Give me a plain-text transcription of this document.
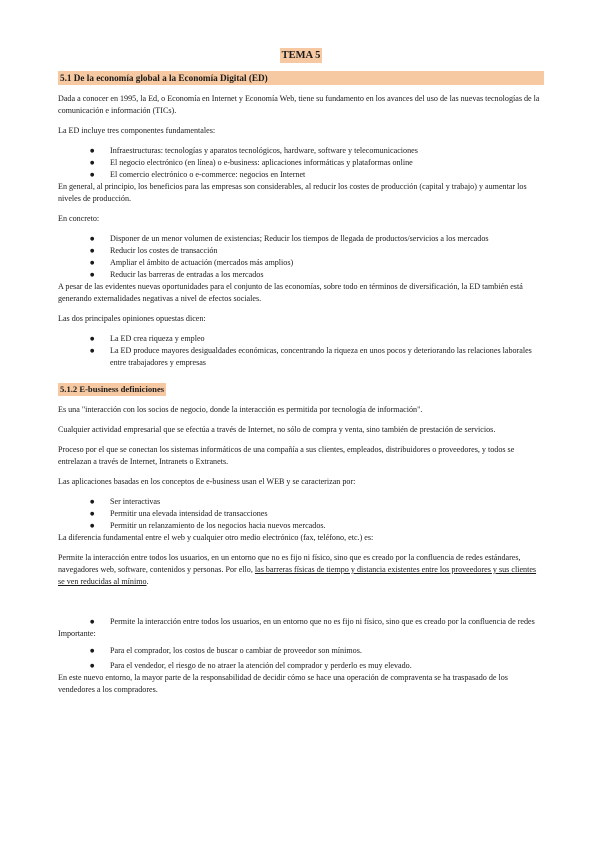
TEMA 5
5.1 De la economía global a la Economía Digital (ED)

Dada a conocer en 1995, la Ed, o Economía en Internet y Economía Web, tiene su fundamento en los avances del uso de las nuevas tecnologías de la comunicación e información (TICs).

La ED incluye tres componentes fundamentales:

● Infraestructuras: tecnologías y aparatos tecnológicos, hardware, software y telecomunicaciones
● El negocio electrónico (en línea) o e-business: aplicaciones informáticas y plataformas online
● El comercio electrónico o e-commerce: negocios en Internet

En general, al principio, los beneficios para las empresas son considerables, al reducir los costes de producción (capital y trabajo) y aumentar los niveles de producción.

En concreto:

● Disponer de un menor volumen de existencias; Reducir los tiempos de llegada de productos/servicios a los mercados
● Reducir los costes de transacción
● Ampliar el ámbito de actuación (mercados más amplios)
● Reducir las barreras de entradas a los mercados

A pesar de las evidentes nuevas oportunidades para el conjunto de las economías, sobre todo en términos de diversificación, la ED también está generando externalidades negativas a nivel de efectos sociales.

Las dos principales opiniones opuestas dicen:

● La ED crea riqueza y empleo
● La ED produce mayores desigualdades económicas, concentrando la riqueza en unos pocos y deteriorando las relaciones laborales entre trabajadores y empresas
5.1.2 E-business definiciones

Es una "interacción con los socios de negocio, donde la interacción es permitida por tecnología de información".

Cualquier actividad empresarial que se efectúa a través de Internet, no sólo de compra y venta, sino también de prestación de servicios.

Proceso por el que se conectan los sistemas informáticos de una compañía a sus clientes, empleados, distribuidores o proveedores, y todos se entrelazan a través de Internet, Intranets o Extranets.

Las aplicaciones basadas en los conceptos de e-business usan el WEB y se caracterizan por:

● Ser interactivas
● Permitir una elevada intensidad de transacciones
● Permitir un relanzamiento de los negocios hacia nuevos mercados.

La diferencia fundamental entre el web y cualquier otro medio electrónico (fax, teléfono, etc.) es:

Permite la interacción entre todos los usuarios, en un entorno que no es fijo ni físico, sino que es creado por la confluencia de redes estándares, navegadores web, software, contenidos y personas. Por ello, las barreras físicas de tiempo y distancia existentes entre los proveedores y sus clientes se ven reducidas al mínimo.

● Permite la interacción entre todos los usuarios, en un entorno que no es fijo ni físico, sino que es creado por la confluencia de redes
Importante:
● Para el comprador, los costos de buscar o cambiar de proveedor son mínimos.
● Para el vendedor, el riesgo de no atraer la atención del comprador y perderlo es muy elevado.

En este nuevo entorno, la mayor parte de la responsabilidad de decidir cómo se hace una operación de compraventa se ha traspasado de los vendedores a los compradores.
